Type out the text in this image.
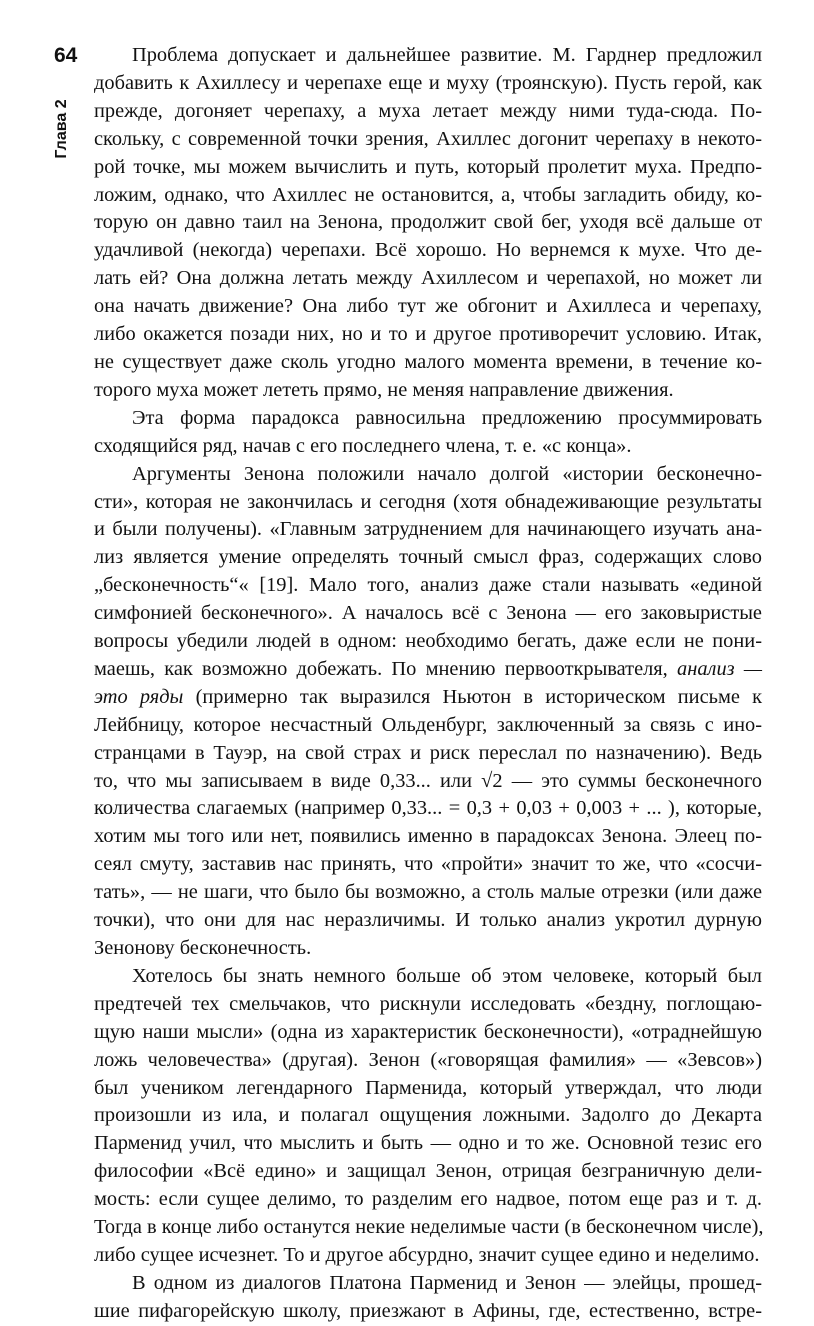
64
Глава 2
Проблема допускает и дальнейшее развитие. М. Гарднер предложил
добавить к Ахиллесу и черепахе еще и муху (троянскую). Пусть герой, как
прежде, догоняет черепаху, а муха летает между ними туда-сюда. По-
скольку, с современной точки зрения, Ахиллес догонит черепаху в некото-
рой точке, мы можем вычислить и путь, который пролетит муха. Предпо-
ложим, однако, что Ахиллес не остановится, а, чтобы загладить обиду, ко-
торую он давно таил на Зенона, продолжит свой бег, уходя всё дальше от
удачливой (некогда) черепахи. Всё хорошо. Но вернемся к мухе. Что де-
лать ей? Она должна летать между Ахиллесом и черепахой, но может ли
она начать движение? Она либо тут же обгонит и Ахиллеса и черепаху,
либо окажется позади них, но и то и другое противоречит условию. Итак,
не существует даже сколь угодно малого момента времени, в течение ко-
торого муха может лететь прямо, не меняя направление движения.
Эта форма парадокса равносильна предложению просуммировать
сходящийся ряд, начав с его последнего члена, т. е. «с конца».
Аргументы Зенона положили начало долгой «истории бесконечно-
сти», которая не закончилась и сегодня (хотя обнадеживающие результаты
и были получены). «Главным затруднением для начинающего изучать ана-
лиз является умение определять точный смысл фраз, содержащих слово
„бесконечность“« [19]. Мало того, анализ даже стали называть «единой
симфонией бесконечного». А началось всё с Зенона — его заковыристые
вопросы убедили людей в одном: необходимо бегать, даже если не пони-
маешь, как возможно добежать. По мнению первооткрывателя, анализ —
это ряды (примерно так выразился Ньютон в историческом письме к
Лейбницу, которое несчастный Ольденбург, заключенный за связь с ино-
странцами в Тауэр, на свой страх и риск переслал по назначению). Ведь
то, что мы записываем в виде 0,33... или √2 — это суммы бесконечного
количества слагаемых (например 0,33... = 0,3 + 0,03 + 0,003 + ... ), которые,
хотим мы того или нет, появились именно в парадоксах Зенона. Элеец по-
сеял смуту, заставив нас принять, что «пройти» значит то же, что «сосчи-
тать», — не шаги, что было бы возможно, а столь малые отрезки (или даже
точки), что они для нас неразличимы. И только анализ укротил дурную
Зенонову бесконечность.
Хотелось бы знать немного больше об этом человеке, который был
предтечей тех смельчаков, что рискнули исследовать «бездну, поглощаю-
щую наши мысли» (одна из характеристик бесконечности), «отраднейшую
ложь человечества» (другая). Зенон («говорящая фамилия» — «Зевсов»)
был учеником легендарного Парменида, который утверждал, что люди
произошли из ила, и полагал ощущения ложными. Задолго до Декарта
Парменид учил, что мыслить и быть — одно и то же. Основной тезис его
философии «Всё едино» и защищал Зенон, отрицая безграничную дели-
мость: если сущее делимо, то разделим его надвое, потом еще раз и т. д.
Тогда в конце либо останутся некие неделимые части (в бесконечном числе),
либо сущее исчезнет. То и другое абсурдно, значит сущее едино и неделимо.
В одном из диалогов Платона Парменид и Зенон — элейцы, прошед-
шие пифагорейскую школу, приезжают в Афины, где, естественно, встре-
